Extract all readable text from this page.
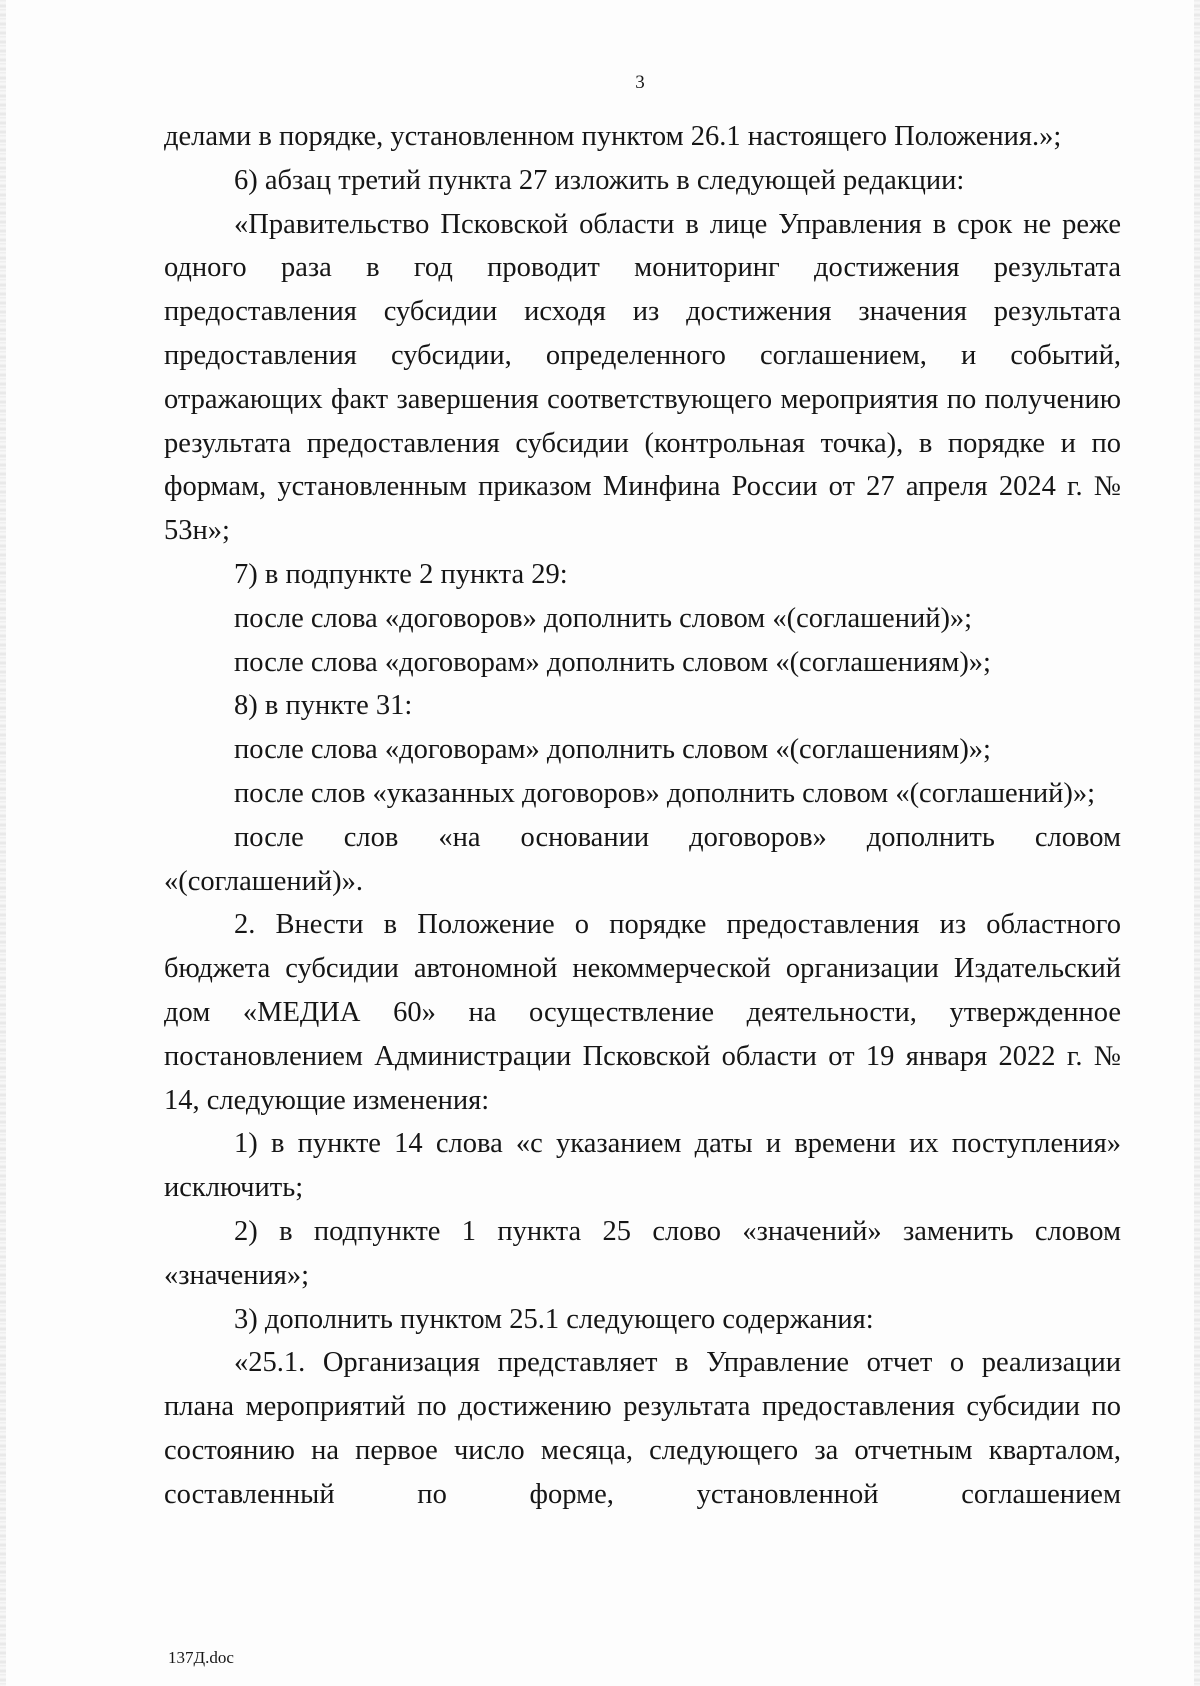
3

делами в порядке, установленном пунктом 26.1 настоящего Положения.»;

6) абзац третий пункта 27 изложить в следующей редакции:

«Правительство Псковской области в лице Управления в срок не реже одного раза в год проводит мониторинг достижения результата предоставления субсидии исходя из достижения значения результата предоставления субсидии, определенного соглашением, и событий, отражающих факт завершения соответствующего мероприятия по получению результата предоставления субсидии (контрольная точка), в порядке и по формам, установленным приказом Минфина России от 27 апреля 2024 г. № 53н»;

7) в подпункте 2 пункта 29:

после слова «договоров» дополнить словом «(соглашений)»;

после слова «договорам» дополнить словом «(соглашениям)»;

8) в пункте 31:

после слова «договорам» дополнить словом «(соглашениям)»;

после слов «указанных договоров» дополнить словом «(соглашений)»;

после слов «на основании договоров» дополнить словом «(соглашений)».

2. Внести в Положение о порядке предоставления из областного бюджета субсидии автономной некоммерческой организации Издательский дом «МЕДИА 60» на осуществление деятельности, утвержденное постановлением Администрации Псковской области от 19 января 2022 г. № 14, следующие изменения:

1) в пункте 14 слова «с указанием даты и времени их поступления» исключить;

2) в подпункте 1 пункта 25 слово «значений» заменить словом «значения»;

3) дополнить пунктом 25.1 следующего содержания:

«25.1. Организация представляет в Управление отчет о реализации плана мероприятий по достижению результата предоставления субсидии по состоянию на первое число месяца, следующего за отчетным кварталом, составленный по форме, установленной соглашением

137Д.doc
